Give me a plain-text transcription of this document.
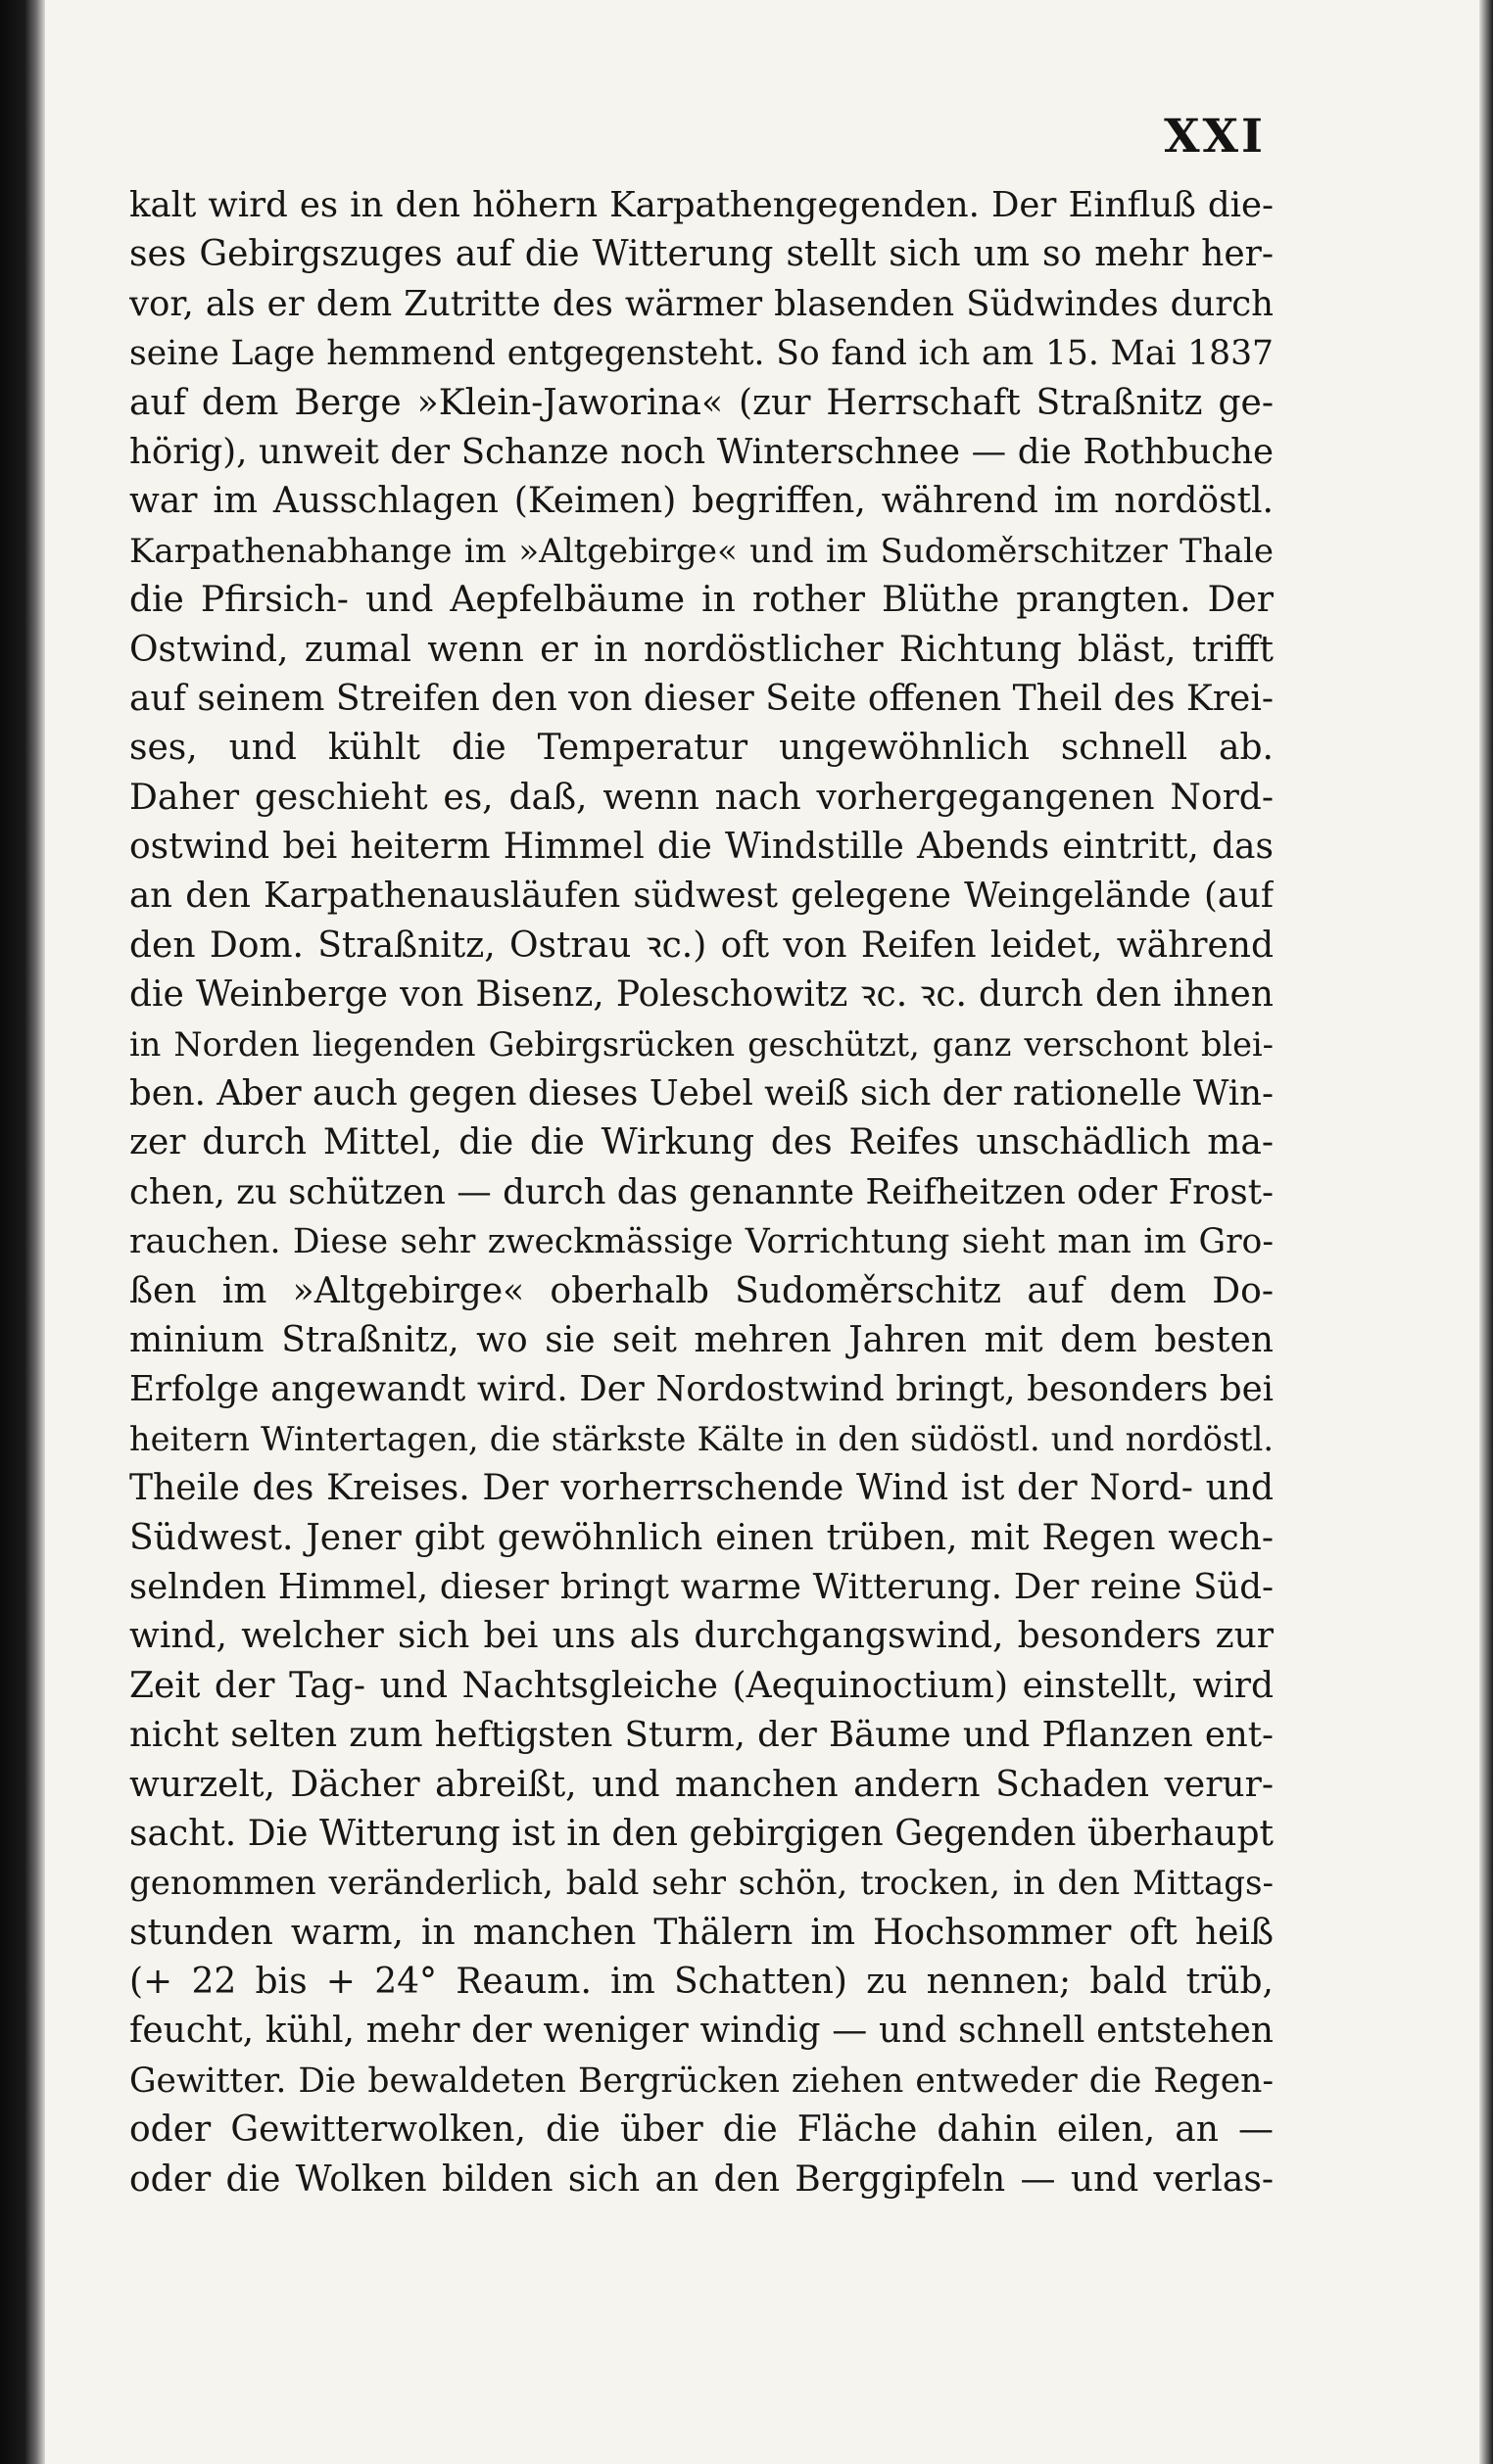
XXI
kalt wird es in den höhern Karpathengegenden. Der Einfluß die-
ses Gebirgszuges auf die Witterung stellt sich um so mehr her-
vor, als er dem Zutritte des wärmer blasenden Südwindes durch
seine Lage hemmend entgegensteht. So fand ich am 15. Mai 1837
auf dem Berge »Klein-Jaworina« (zur Herrschaft Straßnitz ge-
hörig), unweit der Schanze noch Winterschnee — die Rothbuche
war im Ausschlagen (Keimen) begriffen, während im nordöstl.
Karpathenabhange im »Altgebirge« und im Sudoměrschitzer Thale
die Pfirsich- und Aepfelbäume in rother Blüthe prangten. Der
Ostwind, zumal wenn er in nordöstlicher Richtung bläst, trifft
auf seinem Streifen den von dieser Seite offenen Theil des Krei-
ses, und kühlt die Temperatur ungewöhnlich schnell ab.
Daher geschieht es, daß, wenn nach vorhergegangenen Nord-
ostwind bei heiterm Himmel die Windstille Abends eintritt, das
an den Karpathenausläufen südwest gelegene Weingelände (auf
den Dom. Straßnitz, Ostrau ꝛc.) oft von Reifen leidet, während
die Weinberge von Bisenz, Poleschowitz ꝛc. ꝛc. durch den ihnen
in Norden liegenden Gebirgsrücken geschützt, ganz verschont blei-
ben. Aber auch gegen dieses Uebel weiß sich der rationelle Win-
zer durch Mittel, die die Wirkung des Reifes unschädlich ma-
chen, zu schützen — durch das genannte Reifheitzen oder Frost-
rauchen. Diese sehr zweckmässige Vorrichtung sieht man im Gro-
ßen im »Altgebirge« oberhalb Sudoměrschitz auf dem Do-
minium Straßnitz, wo sie seit mehren Jahren mit dem besten
Erfolge angewandt wird. Der Nordostwind bringt, besonders bei
heitern Wintertagen, die stärkste Kälte in den südöstl. und nordöstl.
Theile des Kreises. Der vorherrschende Wind ist der Nord- und
Südwest. Jener gibt gewöhnlich einen trüben, mit Regen wech-
selnden Himmel, dieser bringt warme Witterung. Der reine Süd-
wind, welcher sich bei uns als durchgangswind, besonders zur
Zeit der Tag- und Nachtsgleiche (Aequinoctium) einstellt, wird
nicht selten zum heftigsten Sturm, der Bäume und Pflanzen ent-
wurzelt, Dächer abreißt, und manchen andern Schaden verur-
sacht. Die Witterung ist in den gebirgigen Gegenden überhaupt
genommen veränderlich, bald sehr schön, trocken, in den Mittags-
stunden warm, in manchen Thälern im Hochsommer oft heiß
(+ 22 bis + 24° Reaum. im Schatten) zu nennen; bald trüb,
feucht, kühl, mehr der weniger windig — und schnell entstehen
Gewitter. Die bewaldeten Bergrücken ziehen entweder die Regen-
oder Gewitterwolken, die über die Fläche dahin eilen, an —
oder die Wolken bilden sich an den Berggipfeln — und verlas-
